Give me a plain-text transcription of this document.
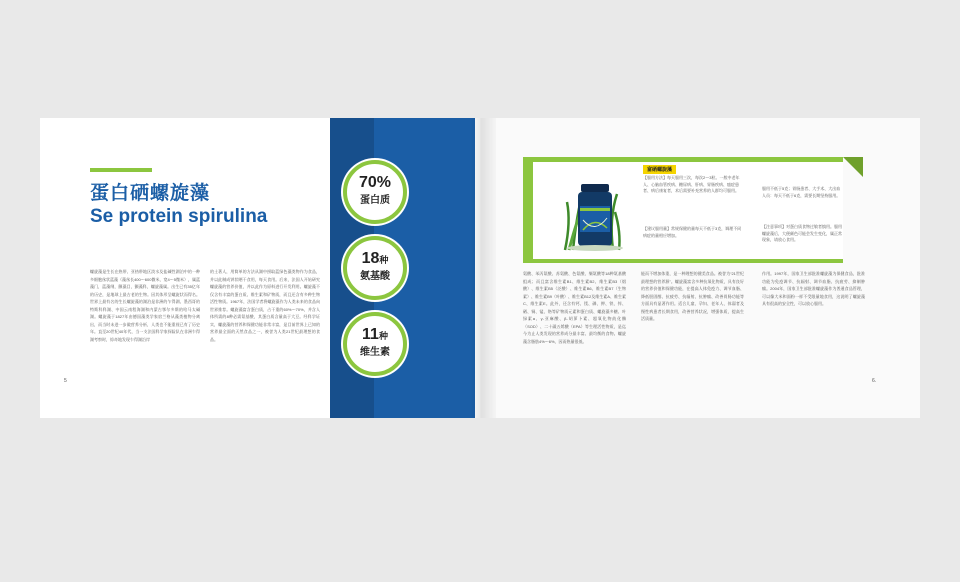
蛋白硒螺旋藻
Se protein spirulina
螺旋藻是生长在热带、亚热带地区淡水及盐碱性湖泊中的一种多细胞丝状蓝藻（藻丝长400～600微米，宽4～5微米），属蓝藻门，蓝藻纲，颤藻目，颤藻科，螺旋藻属。出生已有35亿年的历史，是地球上最古老的生物。因其体形呈螺旋状而得名。世界上最有名的生长螺旋藻的湖泊是非洲的乍得湖、墨西哥的特斯科科湖、中国云南程海湖和内蒙古鄂尔多斯的哈马太碱湖。螺旋藻于1827年由德国藻类学家宿兰格从藻类植物分离出，而当时未进一步做营养分析，人类也不能重视已有了历史年。直至20世纪40年代，当一支法国科学家探险队在非洲乍得湖考察时，惊奇地发现乍得湖沿岸
的土著人，用简单的方法从湖中捞取蓝绿色藻类物作为食品，并以此制成饼状晒干食用，每天食用。后来，法国人开始研究螺旋藻的营养价值，并以此作为原料进行开发利用。螺旋藻不仅含有丰富的蛋白质、维生素和矿物质，而且还含有多种生物活性物质。1967年，法国学者将螺旋藻作为人类未来的食品向世界推荐。螺旋藻富含蛋白质，占干重的60%～70%，并含人体所需的8种必需氨基酸，其蛋白质含量高于大豆。经科学证实，螺旋藻的营养和保健功能非常丰富，是目前世界上已知的营养最全面的天然食品之一，被誉为人类21世纪最理想的食品。
5
70%
蛋白质
18种
氨基酸
11种
维生素
富硒螺旋藻
【服用方法】每天服用三次，每次2～3粒。一般中老年人、心脑血管疾病、糖尿病、肝病、胃肠疾病、癌症患者、病后康复者，术后需要补充营养的人群均可服用。
【建议服用量】常规保健的量每天不低于3克，调理不同病症的量相应增加。
服用不低于5克；胃肠患者、大手术、大出血人员：每天不低于6克，需要长期坚持服用。
【注意事项】对蛋白质食物过敏者慎用。服用螺旋藻后，大便颜色可能会发生变化，属正常现象，请放心食用。
氨酸、苯丙氨酸、苏氨酸、色氨酸、缬氨酸等18种氨基酸组成；而且富含维生素B1、维生素B2、维生素B3（烟酸）、维生素B5（泛酸）、维生素B6、维生素B7（生物素）、维生素B9（叶酸）、维生素B12及维生素A、维生素C、维生素E。此外，还含有钙、镁、磷、钾、铁、锌、硒、铜、锰、铬等矿物质元素和蛋白质、螺旋藻多糖、叶绿素a、γ-亚麻酸、β-胡萝卜素、超氧化物歧化酶（SOD）、二十碳五烯酸（EPA）等生理活性物质，是迄今为止人类发现的营养成分最丰富、最均衡的食物。螺旋藻含脂肪4%～6%，因而热量很低。
能而不增加体重，是一种理想的健美食品。被誉为“21世纪最理想的营养源”。螺旋藻富含多种抗氧化物质，具有良好的营养价值和保健功能，在提高人体免疫力、调节血脂、降低胆固醇、抗疲劳、抗辐射、抗肿瘤、改善胃肠功能等方面具有显著作用。适合儿童、孕妇、老年人、体弱者及慢性病患者长期食用，改善营养状况，增强体质，提高生活质量。
作用。1997年，国家卫生部批准螺旋藻为保健食品，批准功能为免疫调节、抗辐射、调节血脂、抗疲劳、抑制肿瘤。2004年，国家卫生部批准螺旋藻作为普通食品管理，可以像大米和面粉一样不受限量地食用，这说明了螺旋藻具有很高的安全性，可以放心服用。
6.
